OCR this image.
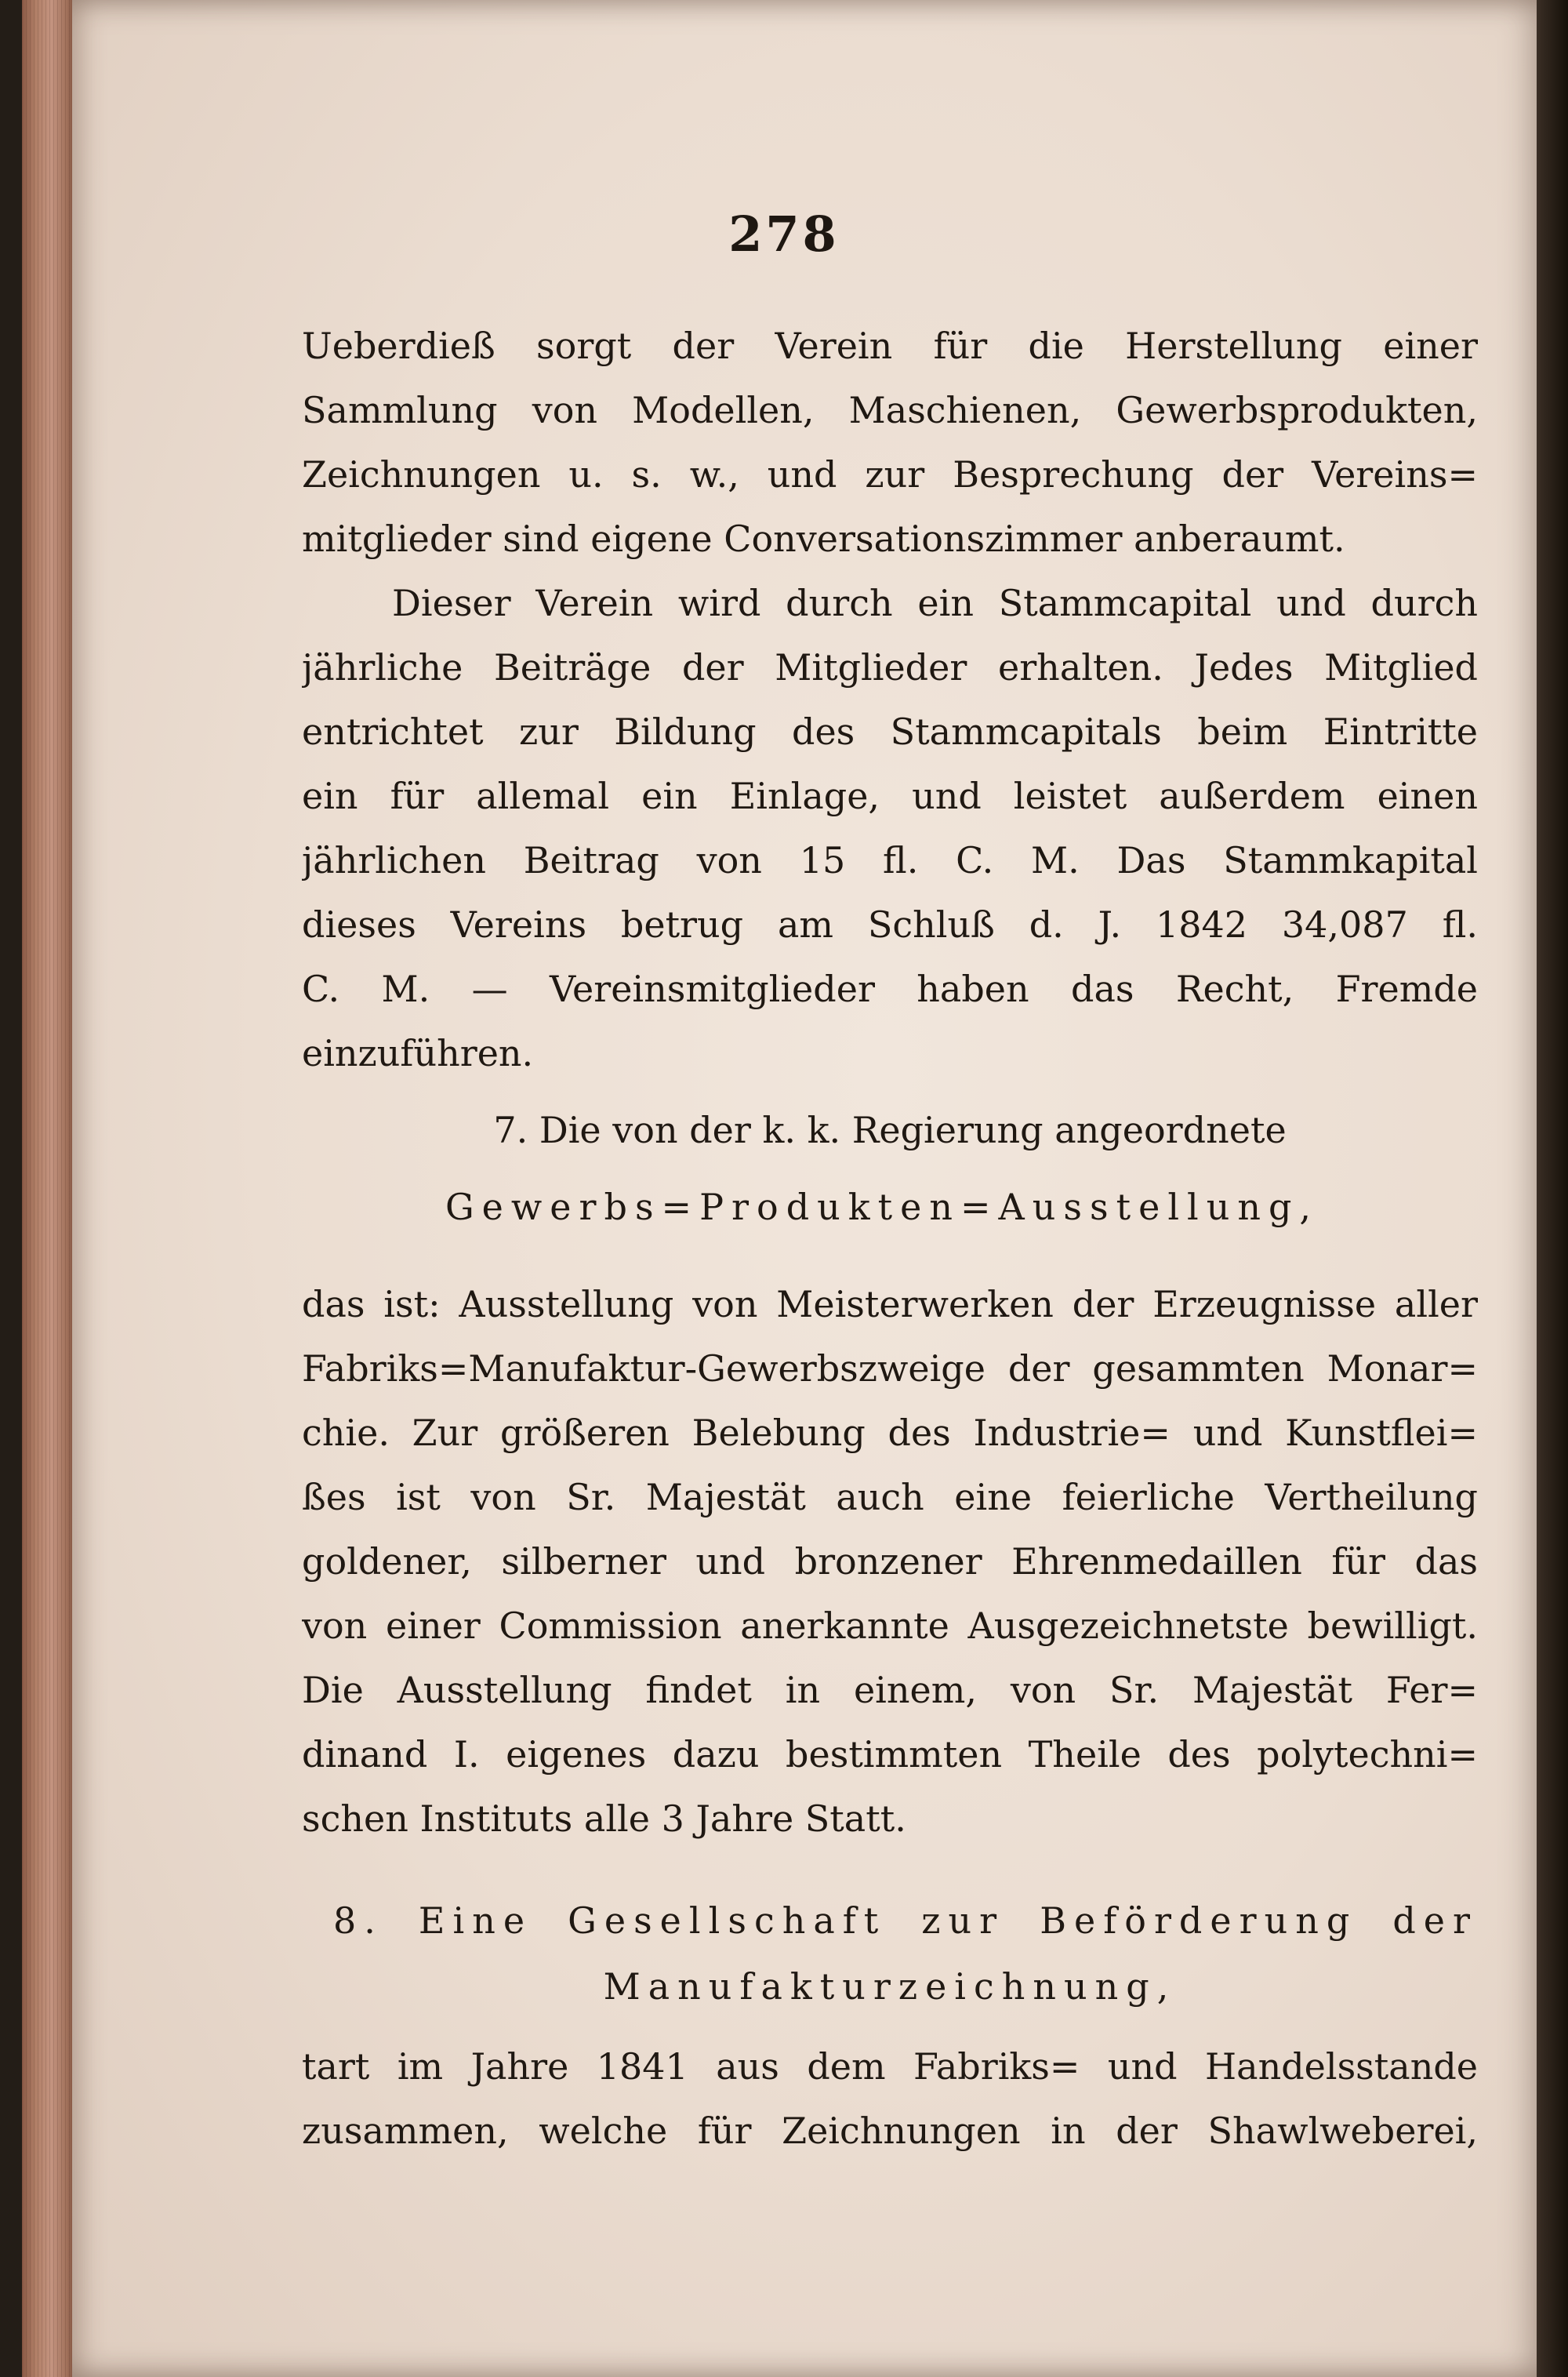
278
Ueberdieß sorgt der Verein für die Herstellung einer
Sammlung von Modellen, Maschienen, Gewerbsprodukten,
Zeichnungen u. s. w., und zur Besprechung der Vereins=
mitglieder sind eigene Conversationszimmer anberaumt.
Dieser Verein wird durch ein Stammcapital und durch
jährliche Beiträge der Mitglieder erhalten. Jedes Mitglied
entrichtet zur Bildung des Stammcapitals beim Eintritte
ein für allemal ein Einlage, und leistet außerdem einen
jährlichen Beitrag von 15 fl. C. M. Das Stammkapital
dieses Vereins betrug am Schluß d. J. 1842 34,087 fl.
C. M. — Vereinsmitglieder haben das Recht, Fremde
einzuführen.
7. Die von der k. k. Regierung angeordnete
Gewerbs=Produkten=Ausstellung,
das ist: Ausstellung von Meisterwerken der Erzeugnisse aller
Fabriks=Manufaktur-Gewerbszweige der gesammten Monar=
chie. Zur größeren Belebung des Industrie= und Kunstflei=
ßes ist von Sr. Majestät auch eine feierliche Vertheilung
goldener, silberner und bronzener Ehrenmedaillen für das
von einer Commission anerkannte Ausgezeichnetste bewilligt.
Die Ausstellung findet in einem, von Sr. Majestät Fer=
dinand I. eigenes dazu bestimmten Theile des polytechni=
schen Instituts alle 3 Jahre Statt.
8. Eine Gesellschaft zur Beförderung der
Manufakturzeichnung,
tart im Jahre 1841 aus dem Fabriks= und Handelsstande
zusammen, welche für Zeichnungen in der Shawlweberei,
